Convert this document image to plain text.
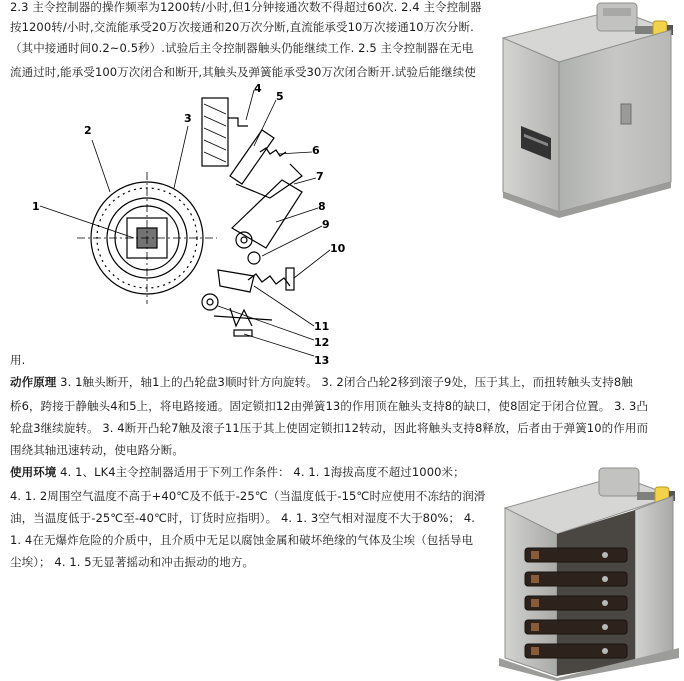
2.3 主令控制器的操作频率为1200转/小时,但1分钟接通次数不得超过60次. 2.4 主令控制器
按1200转/小时,交流能承受20万次接通和20万次分断,直流能承受10万次接通10万次分断.
（其中接通时间0.2~0.5秒）.试验后主令控制器触头仍能继续工作. 2.5 主令控制器在无电
流通过时,能承受100万次闭合和断开,其触头及弹簧能承受30万次闭合断开.试验后能继续使
1
2
3
4
5
6
7
8
9
10
11
12
13
用.
动作原理 3. 1触头断开，轴1上的凸轮盘3顺时针方向旋转。 3. 2闭合凸轮2移到滚子9处，压于其上，而扭转触头支持8触
桥6，跨接于静触头4和5上，将电路接通。固定锁扣12由弹簧13的作用顶在触头支持8的缺口，使8固定于闭合位置。 3. 3凸
轮盘3继续旋转。 3. 4断开凸轮7触及滚子11压于其上使固定锁扣12转动，因此将触头支持8释放，后者由于弹簧10的作用而
围绕其轴迅速转动，使电路分断。
使用环境 4. 1、LK4主令控制器适用于下列工作条件： 4. 1. 1海拔高度不超过1000米；
4. 1. 2周围空气温度不高于+40℃及不低于-25℃（当温度低于-15℃时应使用不冻结的润滑
油，当温度低于-25℃至-40℃时，订货时应指明）。 4. 1. 3空气相对湿度不大于80%； 4.
1. 4在无爆炸危险的介质中，且介质中无足以腐蚀金属和破坏绝缘的气体及尘埃（包括导电
尘埃）； 4. 1. 5无显著摇动和冲击振动的地方。
